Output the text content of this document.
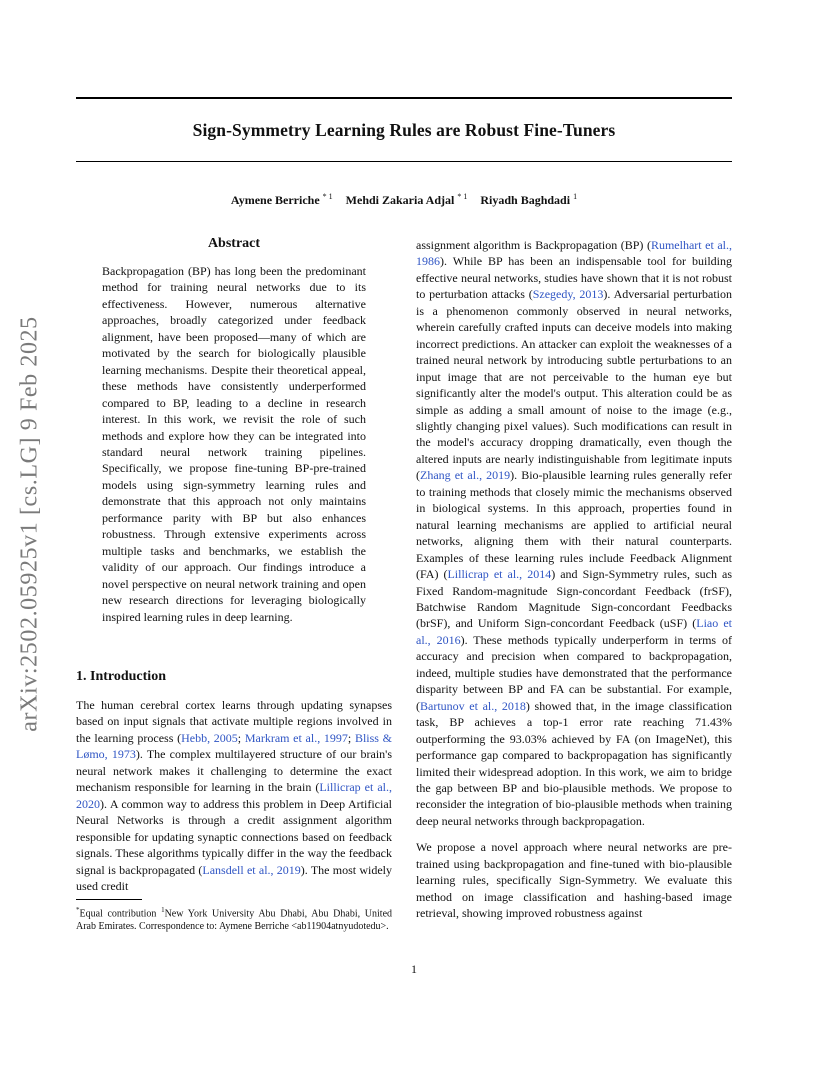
Sign-Symmetry Learning Rules are Robust Fine-Tuners
Aymene Berriche $^{* 1}$ Mehdi Zakaria Adjal $^{* 1}$ Riyadh Baghdadi $^1$
arXiv:2502.05925v1 [cs.LG] 9 Feb 2025
Abstract
Backpropagation (BP) has long been the predominant method for training neural networks due to its effectiveness. However, numerous alternative approaches, broadly categorized under feedback alignment, have been proposed—many of which are motivated by the search for biologically plausible learning mechanisms. Despite their theoretical appeal, these methods have consistently underperformed compared to BP, leading to a decline in research interest. In this work, we revisit the role of such methods and explore how they can be integrated into standard neural network training pipelines. Specifically, we propose fine-tuning BP-pre-trained models using sign-symmetry learning rules and demonstrate that this approach not only maintains performance parity with BP but also enhances robustness. Through extensive experiments across multiple tasks and benchmarks, we establish the validity of our approach. Our findings introduce a novel perspective on neural network training and open new research directions for leveraging biologically inspired learning rules in deep learning.
1. Introduction

The human cerebral cortex learns through updating synapses based on input signals that activate multiple regions involved in the learning process (Hebb, 2005; Markram et al., 1997; Bliss & Lømo, 1973). The complex multilayered structure of our brain's neural network makes it challenging to determine the exact mechanism responsible for learning in the brain (Lillicrap et al., 2020). A common way to address this problem in Deep Artificial Neural Networks is through a credit assignment algorithm responsible for updating synaptic connections based on feedback signals. These algorithms typically differ in the way the feedback signal is backpropagated (Lansdell et al., 2019). The most widely used credit

assignment algorithm is Backpropagation (BP) (Rumelhart et al., 1986). While BP has been an indispensable tool for building effective neural networks, studies have shown that it is not robust to perturbation attacks (Szegedy, 2013). Adversarial perturbation is a phenomenon commonly observed in neural networks, wherein carefully crafted inputs can deceive models into making incorrect predictions. An attacker can exploit the weaknesses of a trained neural network by introducing subtle perturbations to an input image that are not perceivable to the human eye but significantly alter the model's output. This alteration could be as simple as adding a small amount of noise to the image (e.g., slightly changing pixel values). Such modifications can result in the model's accuracy dropping dramatically, even though the altered inputs are nearly indistinguishable from legitimate inputs (Zhang et al., 2019). Bio-plausible learning rules generally refer to training methods that closely mimic the mechanisms observed in biological systems. In this approach, properties found in natural learning mechanisms are applied to artificial neural networks, aligning them with their natural counterparts. Examples of these learning rules include Feedback Alignment (FA) (Lillicrap et al., 2014) and Sign-Symmetry rules, such as Fixed Random-magnitude Sign-concordant Feedback (frSF), Batchwise Random Magnitude Sign-concordant Feedbacks (brSF), and Uniform Sign-concordant Feedback (uSF) (Liao et al., 2016). These methods typically underperform in terms of accuracy and precision when compared to backpropagation, indeed, multiple studies have demonstrated that the performance disparity between BP and FA can be substantial. For example, (Bartunov et al., 2018) showed that, in the image classification task, BP achieves a top-1 error rate reaching 71.43% outperforming the 93.03% achieved by FA (on ImageNet), this performance gap compared to backpropagation has significantly limited their widespread adoption. In this work, we aim to bridge the gap between BP and bio-plausible methods. We propose to reconsider the integration of bio-plausible methods when training deep neural networks through backpropagation.

We propose a novel approach where neural networks are pre-trained using backpropagation and fine-tuned with bio-plausible learning rules, specifically Sign-Symmetry. We evaluate this method on image classification and hashing-based image retrieval, showing improved robustness against

*Equal contribution $^1$New York University Abu Dhabi, Abu Dhabi, United Arab Emirates. Correspondence to: Aymene Berriche <ab11904atnyudotedu>.
1
